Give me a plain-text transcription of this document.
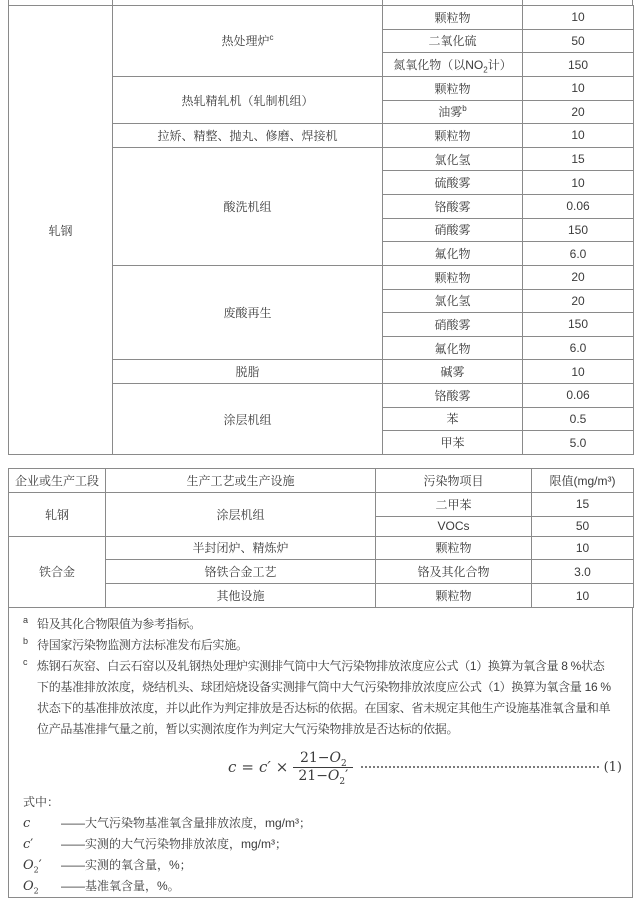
轧钢	热处理炉$^c$	颗粒物	10
		二氧化硫	50
		氮氧化物（以$NO_2$计）	150
	热轧精轧机（轧制机组）	颗粒物	10
		油雾$^b$	20
	拉矫、精整、抛丸、修磨、焊接机	颗粒物	10
	酸洗机组	氯化氢	15
		硫酸雾	10
		铬酸雾	0.06
		硝酸雾	150
		氟化物	6.0
	废酸再生	颗粒物	20
		氯化氢	20
		硝酸雾	150
		氟化物	6.0
	脱脂	碱雾	10
	涂层机组	铬酸雾	0.06
		苯	0.5
		甲苯	5.0
企业或生产工段	生产工艺或生产设施	污染物项目	限值(mg/m³)
轧钢	涂层机组	二甲苯	15
		VOCs	50
铁合金	半封闭炉、精炼炉	颗粒物	10
	铬铁合金工艺	铬及其化合物	3.0
	其他设施	颗粒物	10
$^a$ 铅及其化合物限值为参考指标。
$^b$ 待国家污染物监测方法标准发布后实施。
$^c$ 炼钢石灰窑、白云石窑以及轧钢热处理炉实测排气筒中大气污染物排放浓度应公式（1）换算为氧含量 8 %状态
下的基准排放浓度，烧结机头、球团焙烧设备实测排气筒中大气污染物排放浓度应公式（1）换算为氧含量 16 %
状态下的基准排放浓度，并以此作为判定排放是否达标的依据。在国家、省未规定其他生产设施基准氧含量和单
位产品基准排气量之前，暂以实测浓度作为判定大气污染物排放是否达标的依据。
$c = c' \times \frac{21-O_2}{21-O_2'}$	(1)
式中：
c	——大气污染物基准氧含量排放浓度，mg/m³；
c′	——实测的大气污染物排放浓度，mg/m³；
$O_2'$	——实测的氧含量，%；
$O_2$	——基准氧含量，%。
